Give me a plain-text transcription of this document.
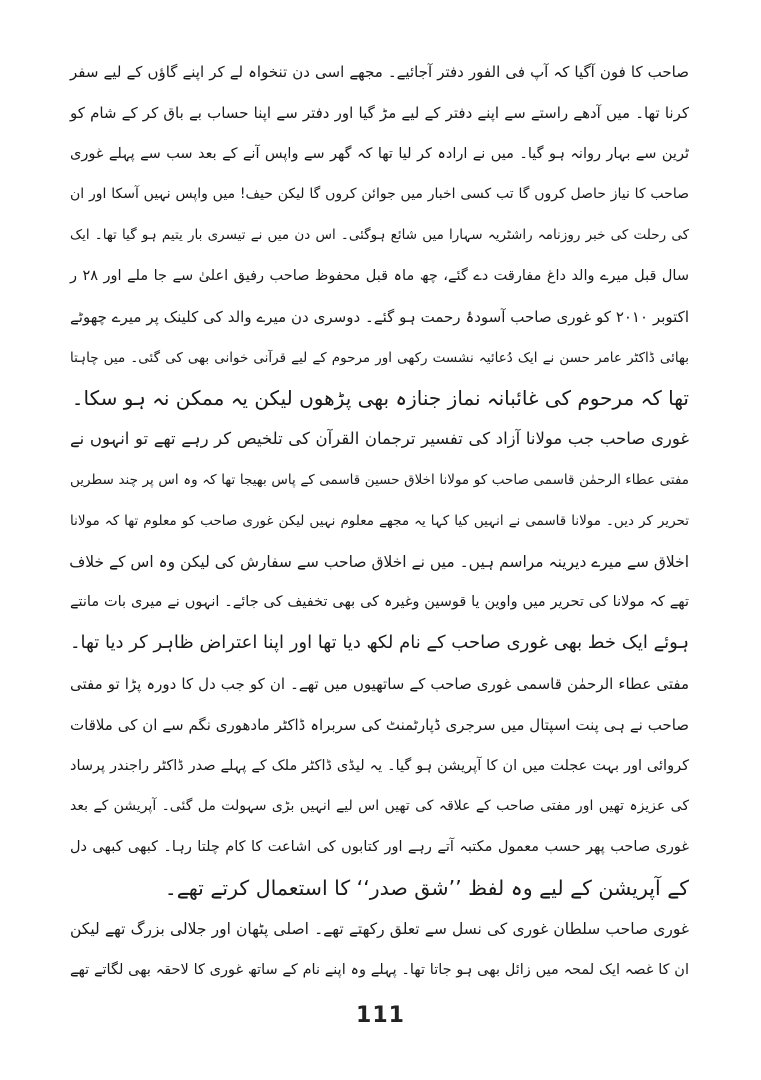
صاحب کا فون آگیا کہ آپ فی الفور دفتر آجائیے۔ مجھے اسی دن تنخواہ لے کر اپنے گاؤں کے لیے سفر
کرنا تھا۔ میں آدھے راستے سے اپنے دفتر کے لیے مڑ گیا اور دفتر سے اپنا حساب بے باق کر کے شام کو
ٹرین سے بہار روانہ ہو گیا۔ میں نے ارادہ کر لیا تھا کہ گھر سے واپس آنے کے بعد سب سے پہلے غوری
صاحب کا نیاز حاصل کروں گا تب کسی اخبار میں جوائن کروں گا لیکن حیف! میں واپس نہیں آسکا اور ان
کی رحلت کی خبر روزنامہ راشٹریہ سہارا میں شائع ہوگئی۔ اس دن میں نے تیسری بار یتیم ہو گیا تھا۔ ایک
سال قبل میرے والد داغ مفارقت دے گئے، چھ ماہ قبل محفوظ صاحب رفیق اعلیٰ سے جا ملے اور ۲۸ ر
اکتوبر ۲۰۱۰ کو غوری صاحب آسودۂ رحمت ہو گئے۔ دوسری دن میرے والد کی کلینک پر میرے چھوٹے
بھائی ڈاکٹر عامر حسن نے ایک دُعائیہ نشست رکھی اور مرحوم کے لیے قرآنی خوانی بھی کی گئی۔ میں چاہتا
تھا کہ مرحوم کی غائبانہ نماز جنازہ بھی پڑھوں لیکن یہ ممکن نہ ہو سکا۔

غوری صاحب جب مولانا آزاد کی تفسیر ترجمان القرآن کی تلخیص کر رہے تھے تو انہوں نے
مفتی عطاء الرحمٰن قاسمی صاحب کو مولانا اخلاق حسین قاسمی کے پاس بھیجا تھا کہ وہ اس پر چند سطریں
تحریر کر دیں۔ مولانا قاسمی نے انہیں کیا کہا یہ مجھے معلوم نہیں لیکن غوری صاحب کو معلوم تھا کہ مولانا
اخلاق سے میرے دیرینہ مراسم ہیں۔ میں نے اخلاق صاحب سے سفارش کی لیکن وہ اس کے خلاف
تھے کہ مولانا کی تحریر میں واوین یا قوسین وغیرہ کی بھی تخفیف کی جائے۔ انہوں نے میری بات مانتے
ہوئے ایک خط بھی غوری صاحب کے نام لکھ دیا تھا اور اپنا اعتراض ظاہر کر دیا تھا۔

مفتی عطاء الرحمٰن قاسمی غوری صاحب کے ساتھیوں میں تھے۔ ان کو جب دل کا دورہ پڑا تو مفتی
صاحب نے ہی پنت اسپتال میں سرجری ڈپارٹمنٹ کی سربراہ ڈاکٹر مادھوری نگم سے ان کی ملاقات
کروائی اور بہت عجلت میں ان کا آپریشن ہو گیا۔ یہ لیڈی ڈاکٹر ملک کے پہلے صدر ڈاکٹر راجندر پرساد
کی عزیزہ تھیں اور مفتی صاحب کے علاقہ کی تھیں اس لیے انہیں بڑی سہولت مل گئی۔ آپریشن کے بعد
غوری صاحب پھر حسب معمول مکتبہ آتے رہے اور کتابوں کی اشاعت کا کام چلتا رہا۔ کبھی کبھی دل
کے آپریشن کے لیے وہ لفظ ’’شق صدر‘‘ کا استعمال کرتے تھے۔

غوری صاحب سلطان غوری کی نسل سے تعلق رکھتے تھے۔ اصلی پٹھان اور جلالی بزرگ تھے لیکن
ان کا غصہ ایک لمحہ میں زائل بھی ہو جاتا تھا۔ پہلے وہ اپنے نام کے ساتھ غوری کا لاحقہ بھی لگاتے تھے

111
